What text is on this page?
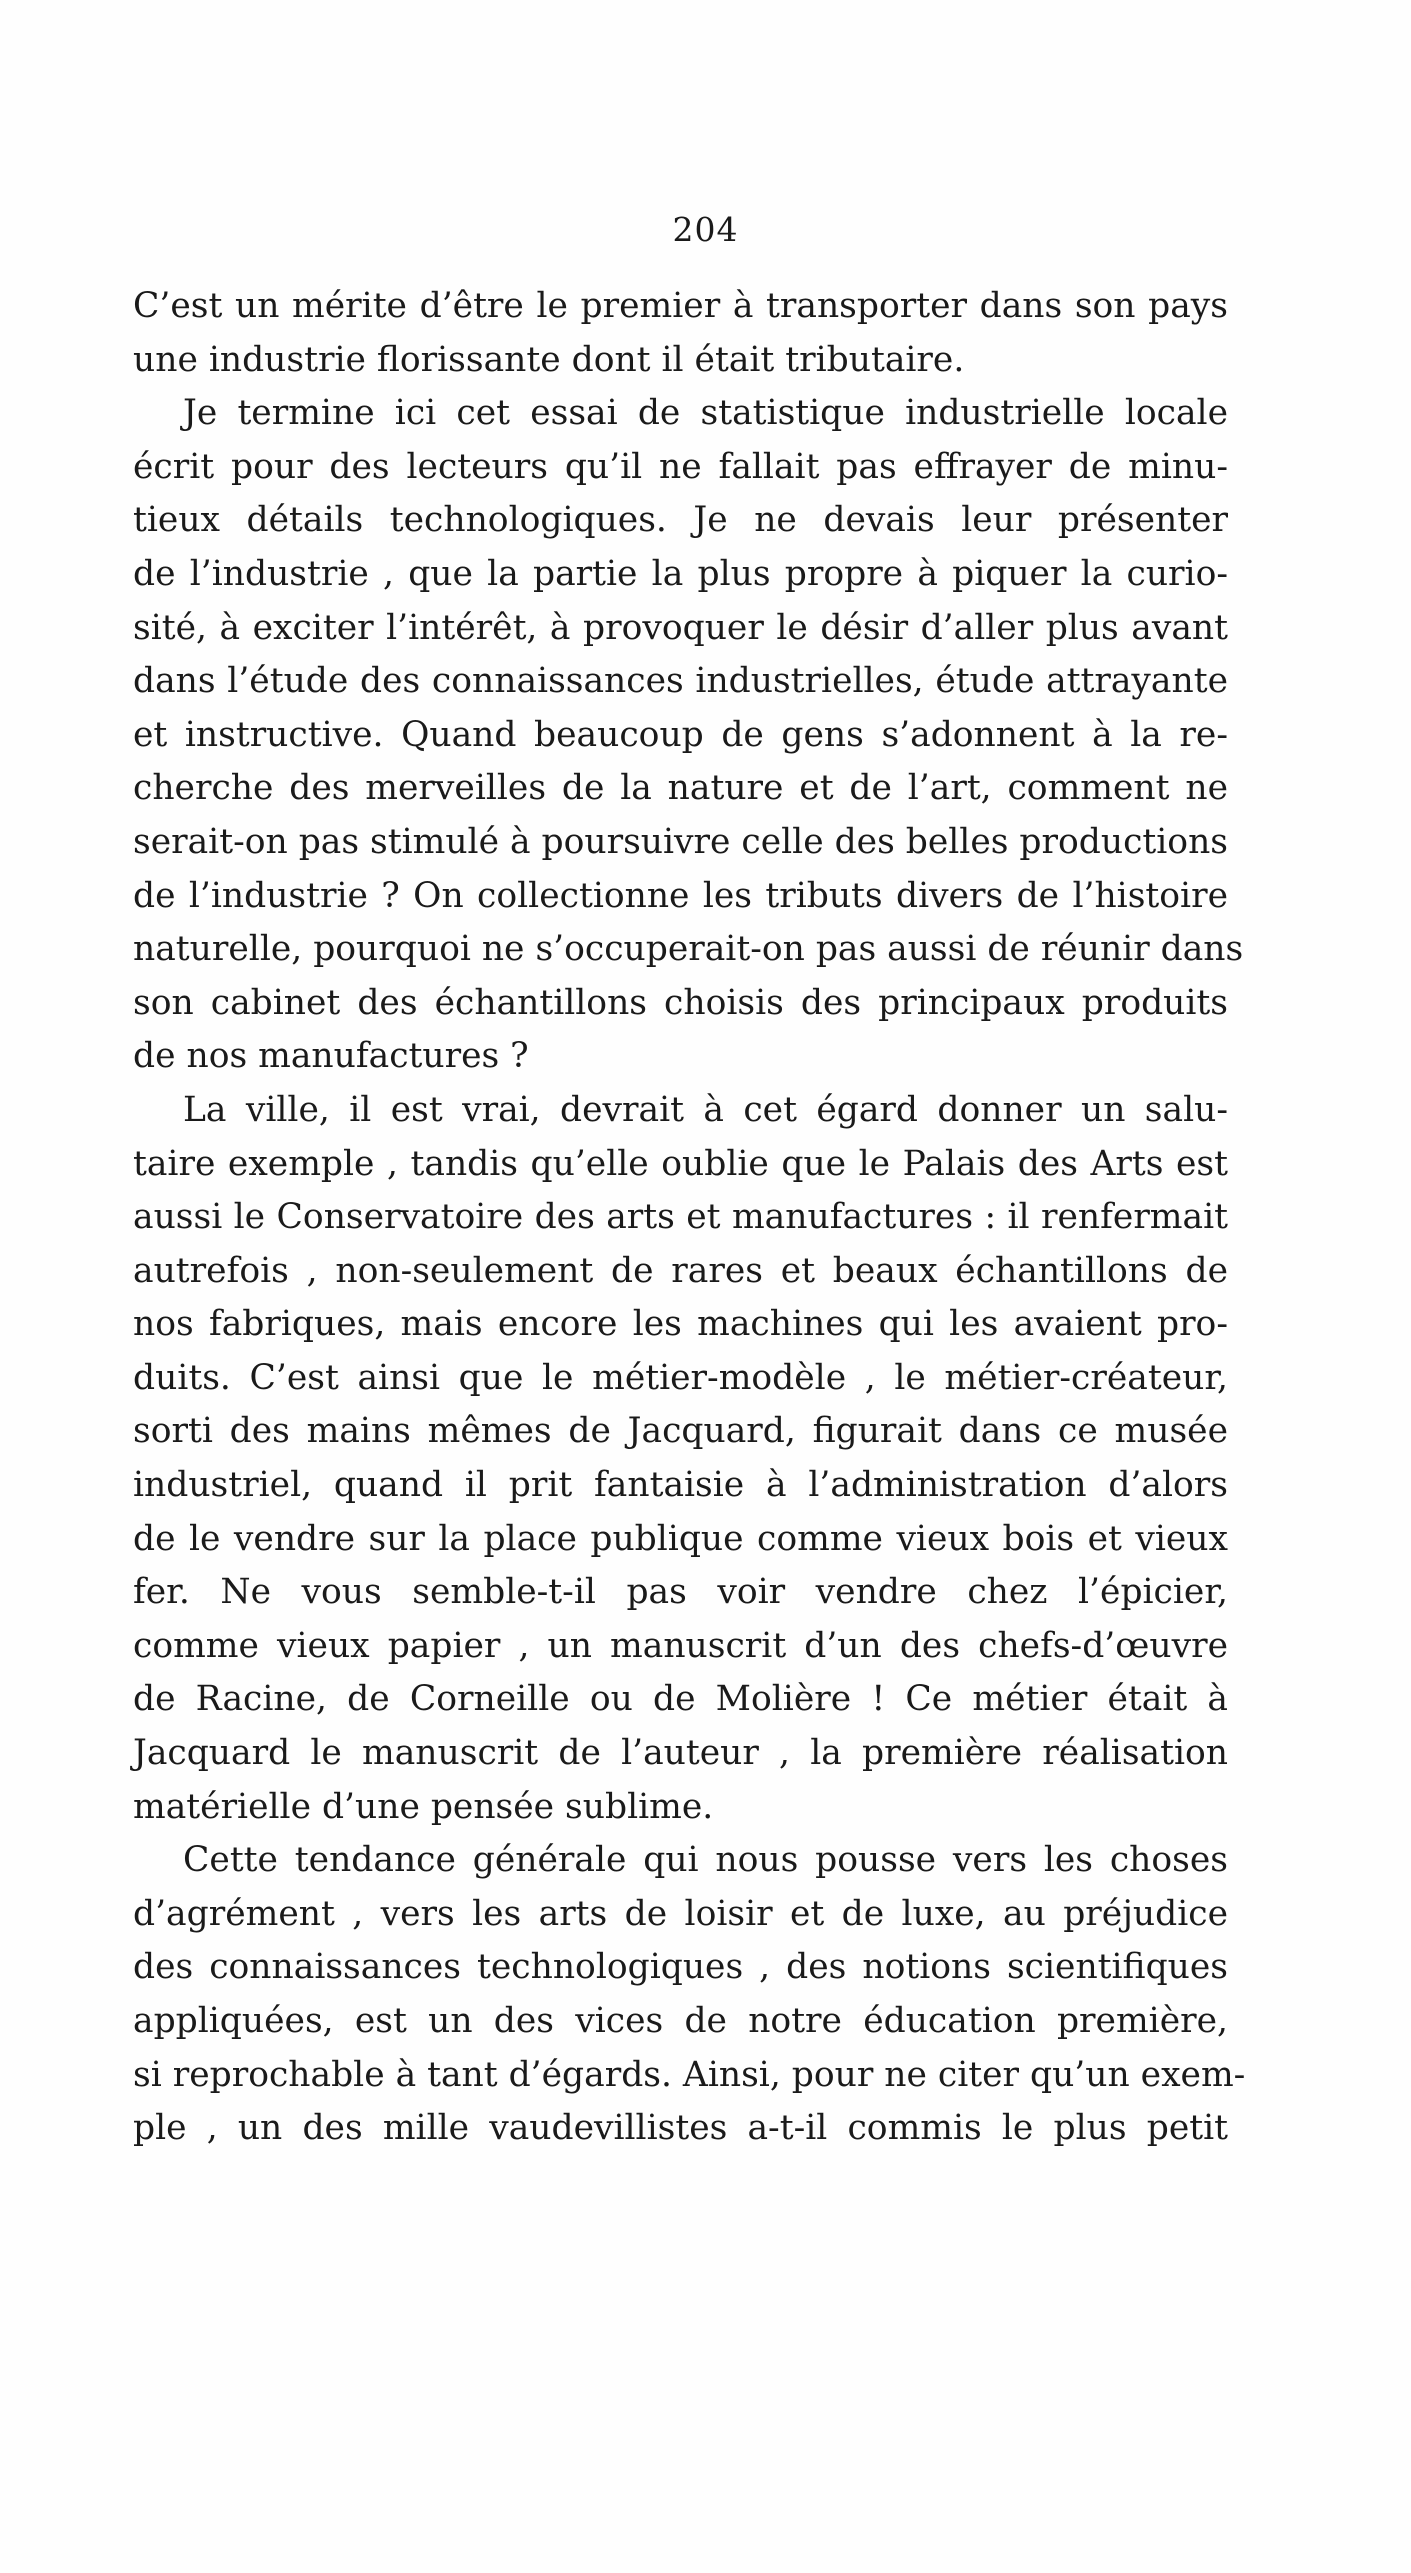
204
C’est un mérite d’être le premier à transporter dans son pays
une industrie florissante dont il était tributaire.
Je termine ici cet essai de statistique industrielle locale
écrit pour des lecteurs qu’il ne fallait pas effrayer de minu-
tieux détails technologiques. Je ne devais leur présenter
de l’industrie , que la partie la plus propre à piquer la curio-
sité, à exciter l’intérêt, à provoquer le désir d’aller plus avant
dans l’étude des connaissances industrielles, étude attrayante
et instructive. Quand beaucoup de gens s’adonnent à la re-
cherche des merveilles de la nature et de l’art, comment ne
serait-on pas stimulé à poursuivre celle des belles productions
de l’industrie ? On collectionne les tributs divers de l’histoire
naturelle, pourquoi ne s’occuperait-on pas aussi de réunir dans
son cabinet des échantillons choisis des principaux produits
de nos manufactures ?
La ville, il est vrai, devrait à cet égard donner un salu-
taire exemple , tandis qu’elle oublie que le Palais des Arts est
aussi le Conservatoire des arts et manufactures : il renfermait
autrefois , non-seulement de rares et beaux échantillons de
nos fabriques, mais encore les machines qui les avaient pro-
duits. C’est ainsi que le métier-modèle , le métier-créateur,
sorti des mains mêmes de Jacquard, figurait dans ce musée
industriel, quand il prit fantaisie à l’administration d’alors
de le vendre sur la place publique comme vieux bois et vieux
fer. Ne vous semble-t-il pas voir vendre chez l’épicier,
comme vieux papier , un manuscrit d’un des chefs-d’œuvre
de Racine, de Corneille ou de Molière ! Ce métier était à
Jacquard le manuscrit de l’auteur , la première réalisation
matérielle d’une pensée sublime.
Cette tendance générale qui nous pousse vers les choses
d’agrément , vers les arts de loisir et de luxe, au préjudice
des connaissances technologiques , des notions scientifiques
appliquées, est un des vices de notre éducation première,
si reprochable à tant d’égards. Ainsi, pour ne citer qu’un exem-
ple , un des mille vaudevillistes a-t-il commis le plus petit
